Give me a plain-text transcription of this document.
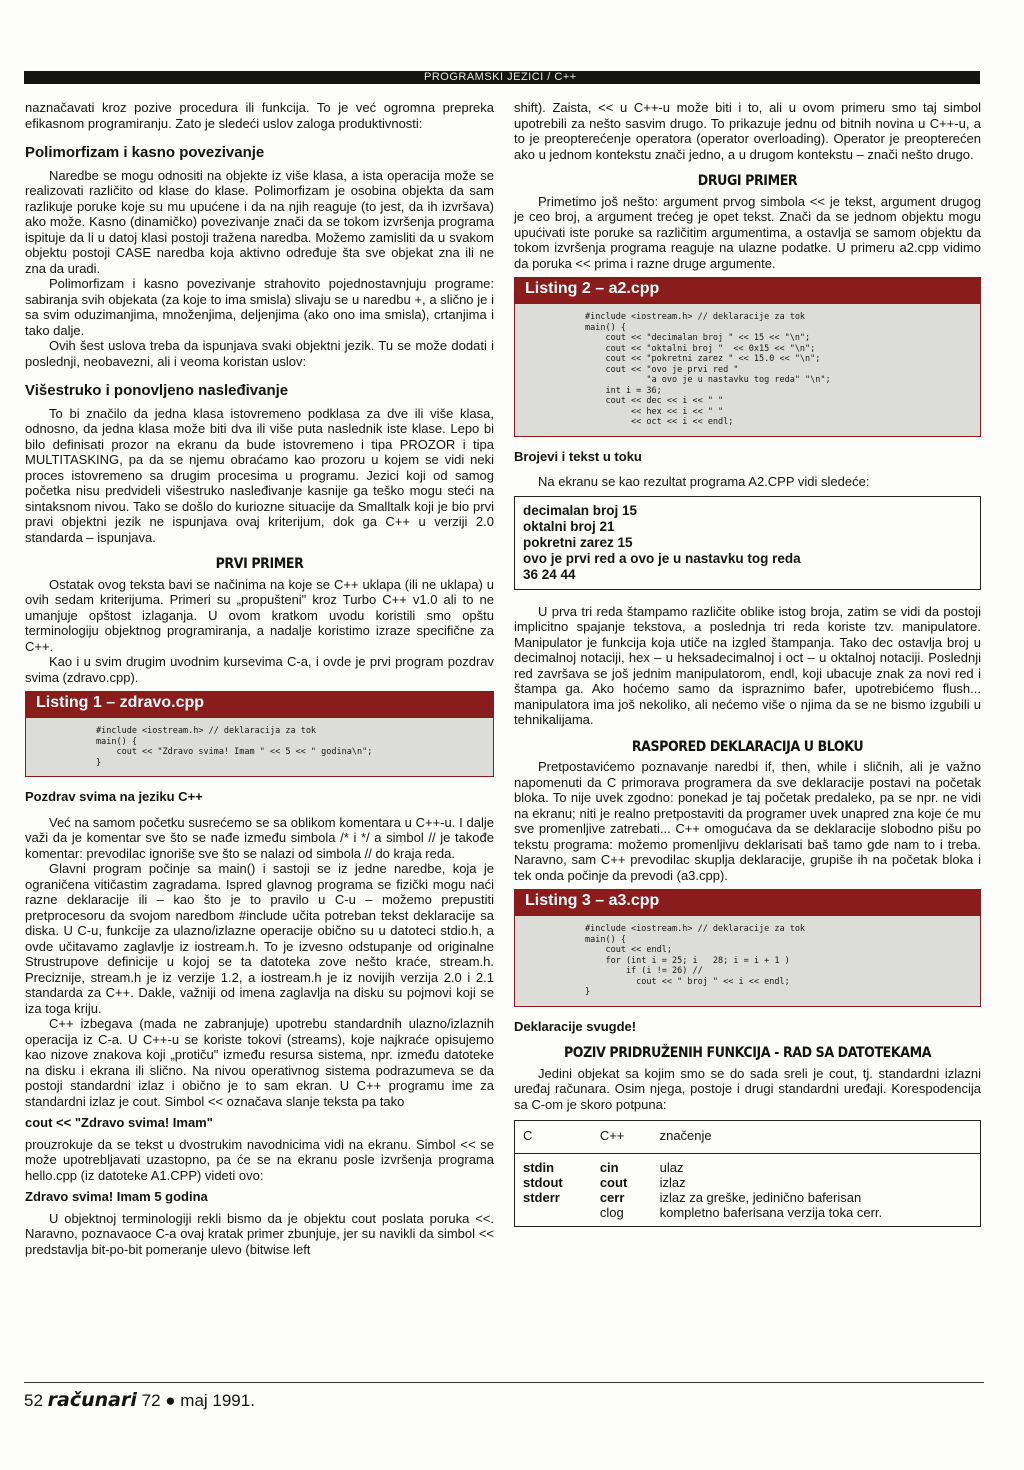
PROGRAMSKI JEZICI / C++

naznačavati kroz pozive procedura ili funkcija. To je već ogromna prepreka efikasnom programiranju. Zato je sledeći uslov zaloga produktivnosti:

Polimorfizam i kasno povezivanje

Naredbe se mogu odnositi na objekte iz više klasa, a ista operacija može se realizovati različito od klase do klase. Polimorfizam je osobina objekta da sam razlikuje poruke koje su mu upućene i da na njih reaguje (to jest, da ih izvršava) ako može. Kasno (dinamičko) povezivanje znači da se tokom izvršenja programa ispituje da li u datoj klasi postoji tražena naredba. Možemo zamisliti da u svakom objektu postoji CASE naredba koja aktivno određuje šta sve objekat zna ili ne zna da uradi.

Polimorfizam i kasno povezivanje strahovito pojednostavnjuju programe: sabiranja svih objekata (za koje to ima smisla) slivaju se u naredbu +, a slično je i sa svim oduzimanjima, množenjima, deljenjima (ako ono ima smisla), crtanjima i tako dalje.

Ovih šest uslova treba da ispunjava svaki objektni jezik. Tu se može dodati i poslednji, neobavezni, ali i veoma koristan uslov:

Višestruko i ponovljeno nasleđivanje

To bi značilo da jedna klasa istovremeno podklasa za dve ili više klasa, odnosno, da jedna klasa može biti dva ili više puta naslednik iste klase. Lepo bi bilo definisati prozor na ekranu da bude istovremeno i tipa PROZOR i tipa MULTITASKING, pa da se njemu obraćamo kao prozoru u kojem se vidi neki proces istovremeno sa drugim procesima u programu. Jezici koji od samog početka nisu predvideli višestruko nasleđivanje kasnije ga teško mogu steći na sintaksnom nivou. Tako se došlo do kuriozne situacije da Smalltalk koji je bio prvi pravi objektni jezik ne ispunjava ovaj kriterijum, dok ga C++ u verziji 2.0 standarda – ispunjava.

PRVI PRIMER

Ostatak ovog teksta bavi se načinima na koje se C++ uklapa (ili ne uklapa) u ovih sedam kriterijuma. Primeri su „propušteni" kroz Turbo C++ v1.0 ali to ne umanjuje opštost izlaganja. U ovom kratkom uvodu koristili smo opštu terminologiju objektnog programiranja, a nadalje koristimo izraze specifične za C++.

Kao i u svim drugim uvodnim kursevima C-a, i ovde je prvi program pozdrav svima (zdravo.cpp).

Listing 1 – zdravo.cpp
#include <iostream.h> // deklaracija za tok
main() {
cout << "Zdravo svima! Imam " << 5 << " godina\n";
}
Pozdrav svima na jeziku C++

Već na samom početku susrećemo se sa oblikom komentara u C++-u. I dalje važi da je komentar sve što se nađe između simbola /* i */ a simbol // je takođe komentar: prevodilac ignoriše sve što se nalazi od simbola // do kraja reda.

Glavni program počinje sa main() i sastoji se iz jedne naredbe, koja je ograničena vitičastim zagradama. Ispred glavnog programa se fizički mogu naći razne deklaracije ili – kao što je to pravilo u C-u – možemo prepustiti pretprocesoru da svojom naredbom #include učita potreban tekst deklaracije sa diska. U C-u, funkcije za ulazno/izlazne operacije obično su u datoteci stdio.h, a ovde učitavamo zaglavlje iz iostream.h. To je izvesno odstupanje od originalne Strustrupove definicije u kojoj se ta datoteka zove nešto kraće, stream.h. Preciznije, stream.h je iz verzije 1.2, a iostream.h je iz novijih verzija 2.0 i 2.1 standarda za C++. Dakle, važniji od imena zaglavlja na disku su pojmovi koji se iza toga kriju.

C++ izbegava (mada ne zabranjuje) upotrebu standardnih ulazno/izlaznih operacija iz C-a. U C++-u se koriste tokovi (streams), koje najkraće opisujemo kao nizove znakova koji „protiču" između resursa sistema, npr. između datoteke na disku i ekrana ili slično. Na nivou operativnog sistema podrazumeva se da postoji standardni izlaz i obično je to sam ekran. U C++ programu ime za standardni izlaz je cout. Simbol << označava slanje teksta pa tako

cout << "Zdravo svima! Imam"

prouzrokuje da se tekst u dvostrukim navodnicima vidi na ekranu. Simbol << se može upotrebljavati uzastopno, pa će se na ekranu posle izvršenja programa hello.cpp (iz datoteke A1.CPP) videti ovo:

Zdravo svima! Imam 5 godina

U objektnoj terminologiji rekli bismo da je objektu cout poslata poruka <<. Naravno, poznavaoce C-a ovaj kratak primer zbunjuje, jer su navikli da simbol << predstavlja bit-po-bit pomeranje ulevo (bitwise left

shift). Zaista, << u C++-u može biti i to, ali u ovom primeru smo taj simbol upotrebili za nešto sasvim drugo. To prikazuje jednu od bitnih novina u C++-u, a to je preopterećenje operatora (operator overloading). Operator je preopterećen ako u jednom kontekstu znači jedno, a u drugom kontekstu – znači nešto drugo.

DRUGI PRIMER

Primetimo još nešto: argument prvog simbola << je tekst, argument drugog je ceo broj, a argument trećeg je opet tekst. Znači da se jednom objektu mogu upućivati iste poruke sa različitim argumentima, a ostavlja se samom objektu da tokom izvršenja programa reaguje na ulazne podatke. U primeru a2.cpp vidimo da poruka << prima i razne druge argumente.

Listing 2 – a2.cpp
#include <iostream.h> // deklaracije za tok
main() {
cout << "decimalan broj " << 15 << "\n";
cout << "oktalni broj "  << 0x15 << "\n";
cout << "pokretni zarez " << 15.0 << "\n";
cout << "ovo je prvi red "
"a ovo je u nastavku tog reda" "\n";
int i = 36;
cout << dec << i << " "
<< hex << i << " "
<< oct << i << endl;
Brojevi i tekst u toku

Na ekranu se kao rezultat programa A2.CPP vidi sledeće:

decimalan broj 15
oktalni broj 21
pokretni zarez 15
ovo je prvi red a ovo je u nastavku tog reda
36 24 44

U prva tri reda štampamo različite oblike istog broja, zatim se vidi da postoji implicitno spajanje tekstova, a poslednja tri reda koriste tzv. manipulatore. Manipulator je funkcija koja utiče na izgled štampanja. Tako dec ostavlja broj u decimalnoj notaciji, hex – u heksadecimalnoj i oct – u oktalnoj notaciji. Poslednji red završava se još jednim manipulatorom, endl, koji ubacuje znak za novi red i štampa ga. Ako hoćemo samo da ispraznimo bafer, upotrebićemo flush... manipulatora ima još nekoliko, ali nećemo više o njima da se ne bismo izgubili u tehnikalijama.

RASPORED DEKLARACIJA U BLOKU

Pretpostavićemo poznavanje naredbi if, then, while i sličnih, ali je važno napomenuti da C primorava programera da sve deklaracije postavi na početak bloka. To nije uvek zgodno: ponekad je taj početak predaleko, pa se npr. ne vidi na ekranu; niti je realno pretpostaviti da programer uvek unapred zna koje će mu sve promenljive zatrebati... C++ omogućava da se deklaracije slobodno pišu po tekstu programa: možemo promenljivu deklarisati baš tamo gde nam to i treba. Naravno, sam C++ prevodilac skuplja deklaracije, grupiše ih na početak bloka i tek onda počinje da prevodi (a3.cpp).

Listing 3 – a3.cpp
#include <iostream.h> // deklaracije za tok
main() {
cout << endl;
for (int i = 25; i   28; i = i + 1 )
if (i != 26) //
cout << " broj " << i << endl;
}
Deklaracije svugde!
POZIV PRIDRUŽENIH FUNKCIJA - RAD SA DATOTEKAMA

Jedini objekat sa kojim smo se do sada sreli je cout, tj. standardni izlazni uređaj računara. Osim njega, postoje i drugi standardni uređaji. Korespodencija sa C-om je skoro potpuna:

C	C++	značenje
stdin	cin	ulaz
stdout	cout	izlaz
stderr	cerr	izlaz za greške, jedinično baferisan
	clog	kompletno baferisana verzija toka cerr.
52 računari 72 ● maj 1991.
